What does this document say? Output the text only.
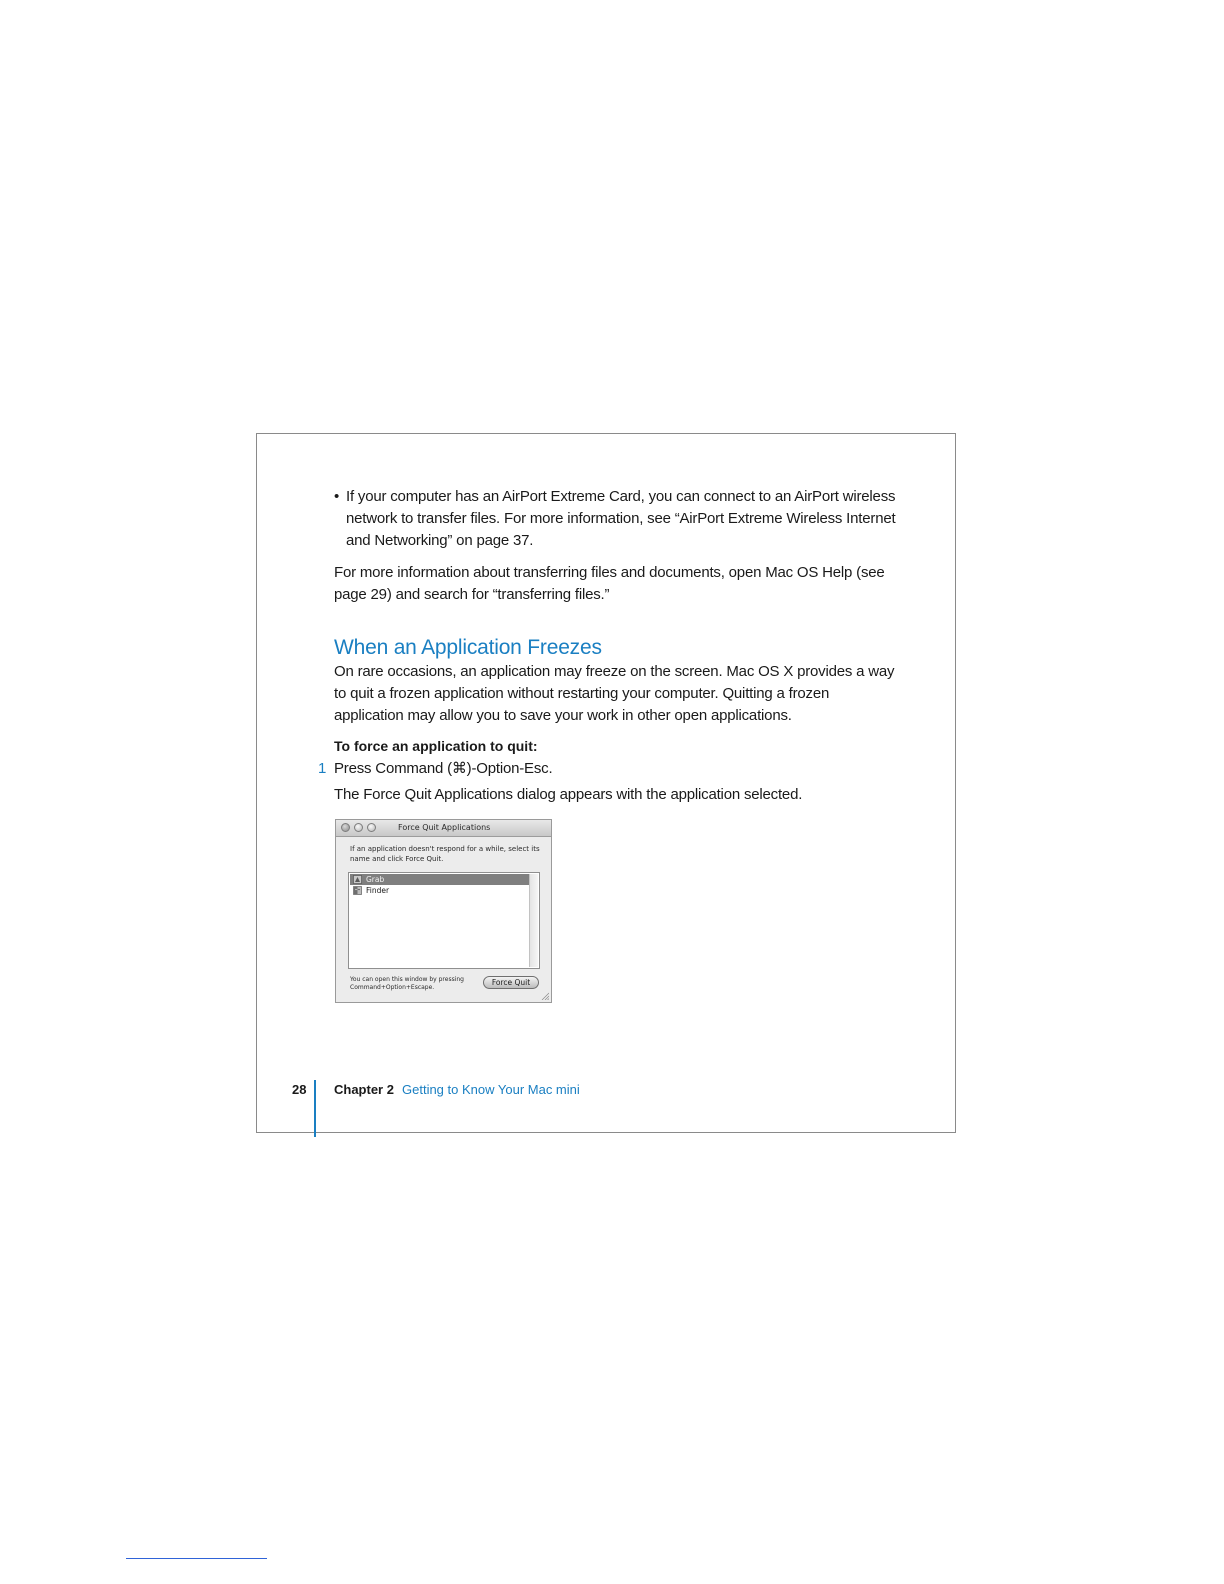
• If your computer has an AirPort Extreme Card, you can connect to an AirPort wireless network to transfer files. For more information, see “AirPort Extreme Wireless Internet and Networking” on page 37.
For more information about transferring files and documents, open Mac OS Help (see page 29) and search for “transferring files.”
When an Application Freezes
On rare occasions, an application may freeze on the screen. Mac OS X provides a way to quit a frozen application without restarting your computer. Quitting a frozen application may allow you to save your work in other open applications.
To force an application to quit:
1 Press Command (⌘)-Option-Esc.
The Force Quit Applications dialog appears with the application selected.
Force Quit Applications
If an application doesn't respond for a while, select its name and click Force Quit.
Grab
Finder
You can open this window by pressing Command+Option+Escape.
Force Quit
28 Chapter 2 Getting to Know Your Mac mini
